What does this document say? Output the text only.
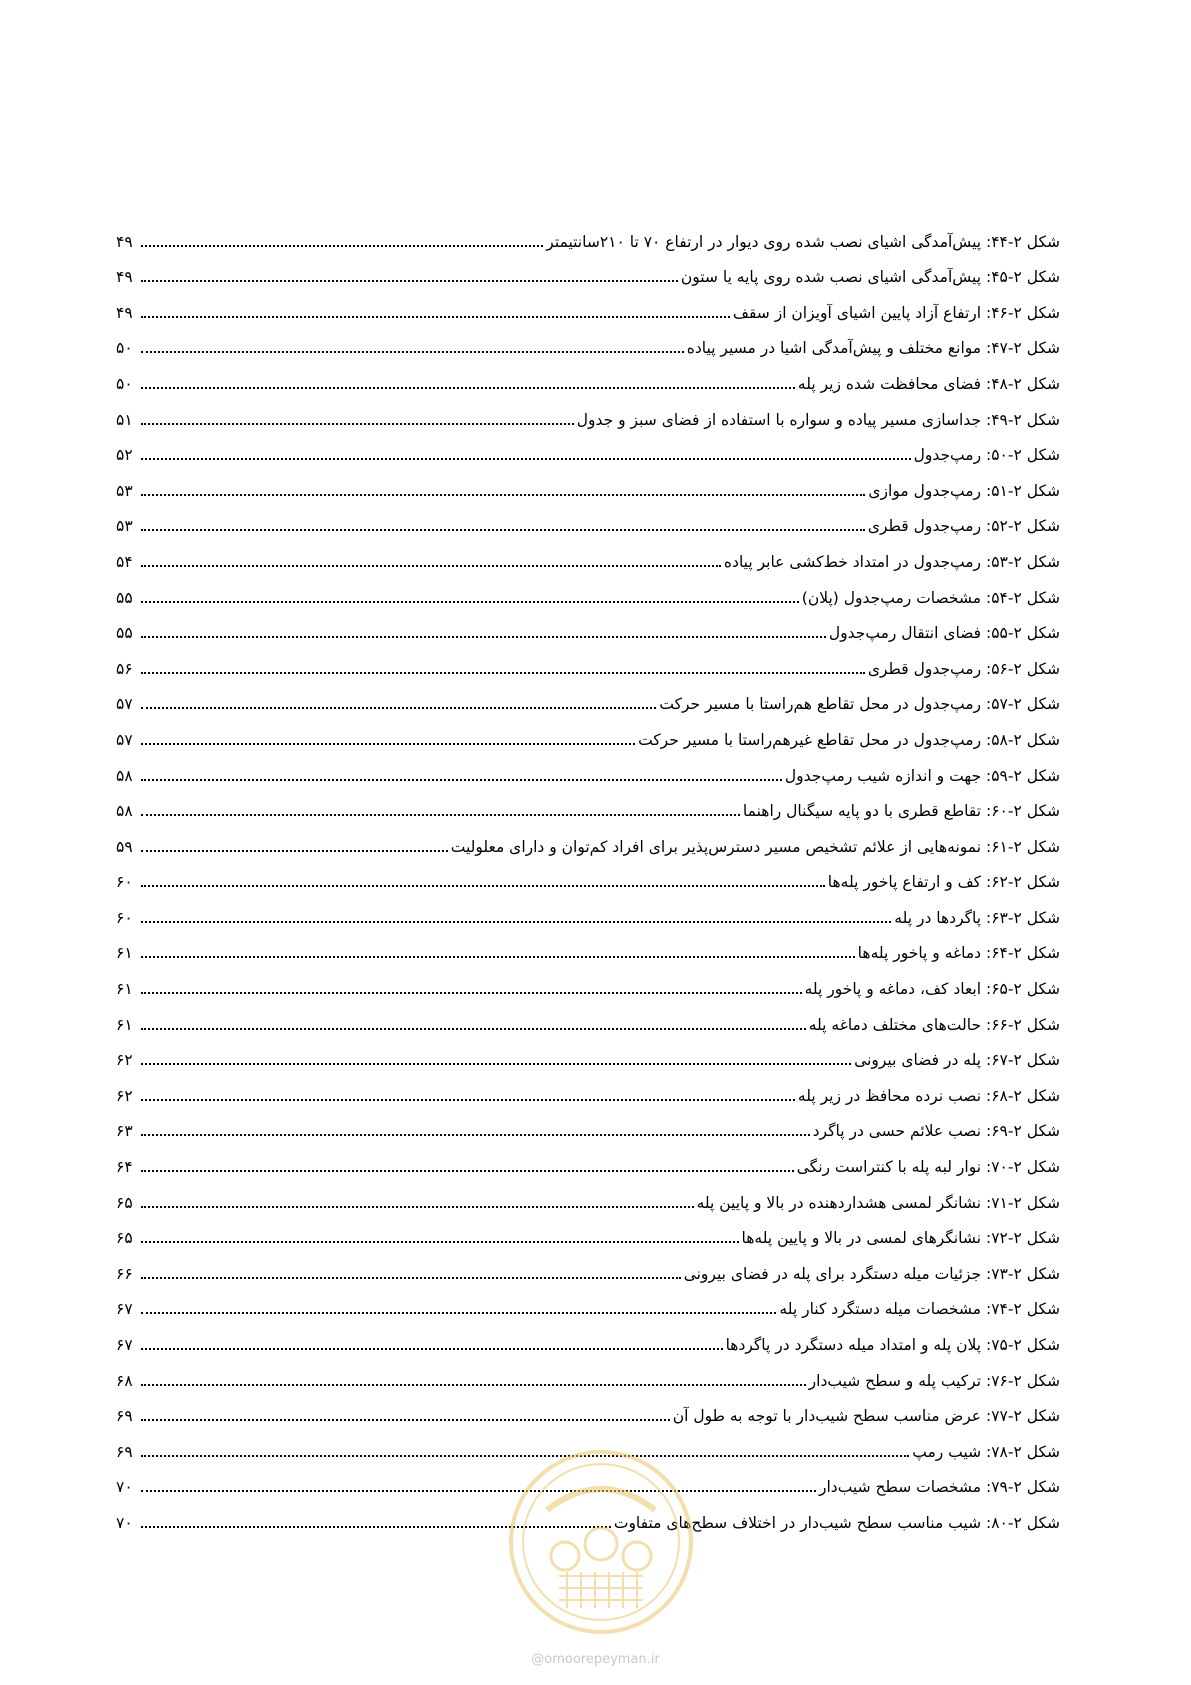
شکل ۲-۴۴: پیش‌آمدگی اشیای نصب شده روی دیوار در ارتفاع ۷۰ تا ۲۱۰سانتیمتر
۴۹
شکل ۲-۴۵: پیش‌آمدگی اشیای نصب شده روی پایه یا ستون
۴۹
شکل ۲-۴۶: ارتفاع آزاد پایین اشیای آویزان از سقف
۴۹
شکل ۲-۴۷: موانع مختلف و پیش‌آمدگی اشیا در مسیر پیاده
۵۰
شکل ۲-۴۸: فضای محافظت شده زیر پله
۵۰
شکل ۲-۴۹: جداسازی مسیر پیاده و سواره با استفاده از فضای سبز و جدول
۵۱
شکل ۲-۵۰: رمپ‌جدول
۵۲
شکل ۲-۵۱: رمپ‌جدول موازی
۵۳
شکل ۲-۵۲: رمپ‌جدول قطری
۵۳
شکل ۲-۵۳: رمپ‌جدول در امتداد خط‌کشی عابر پیاده
۵۴
شکل ۲-۵۴: مشخصات رمپ‌جدول (پلان)
۵۵
شکل ۲-۵۵: فضای انتقال رمپ‌جدول
۵۵
شکل ۲-۵۶: رمپ‌جدول قطری
۵۶
شکل ۲-۵۷: رمپ‌جدول در محل تقاطع هم‌راستا با مسیر حرکت
۵۷
شکل ۲-۵۸: رمپ‌جدول در محل تقاطع غیرهم‌راستا با مسیر حرکت
۵۷
شکل ۲-۵۹: جهت و اندازه شیب رمپ‌جدول
۵۸
شکل ۲-۶۰: تقاطع قطری با دو پایه سیگنال راهنما
۵۸
شکل ۲-۶۱: نمونه‌هایی از علائم تشخیص مسیر دسترس‌پذیر برای افراد کم‌توان و دارای معلولیت
۵۹
شکل ۲-۶۲: کف و ارتفاع پاخور پله‌ها
۶۰
شکل ۲-۶۳: پاگردها در پله
۶۰
شکل ۲-۶۴: دماغه و پاخور پله‌ها
۶۱
شکل ۲-۶۵: ابعاد کف، دماغه و پاخور پله
۶۱
شکل ۲-۶۶: حالت‌های مختلف دماغه پله
۶۱
شکل ۲-۶۷: پله در فضای بیرونی
۶۲
شکل ۲-۶۸: نصب نرده محافظ در زیر پله
۶۲
شکل ۲-۶۹: نصب علائم حسی در پاگرد
۶۳
شکل ۲-۷۰: نوار لبه پله با کنتراست رنگی
۶۴
شکل ۲-۷۱: نشانگر لمسی هشداردهنده در بالا و پایین پله
۶۵
شکل ۲-۷۲: نشانگرهای لمسی در بالا و پایین پله‌ها
۶۵
شکل ۲-۷۳: جزئیات میله دستگرد برای پله در فضای بیرونی
۶۶
شکل ۲-۷۴: مشخصات میله دستگرد کنار پله
۶۷
شکل ۲-۷۵: پلان پله و امتداد میله دستگرد در پاگردها
۶۷
شکل ۲-۷۶: ترکیب پله و سطح شیب‌دار
۶۸
شکل ۲-۷۷: عرض مناسب سطح شیب‌دار با توجه به طول آن
۶۹
شکل ۲-۷۸: شیب رمپ
۶۹
شکل ۲-۷۹: مشخصات سطح شیب‌دار
۷۰
شکل ۲-۸۰: شیب مناسب سطح شیب‌دار در اختلاف سطح‌های متفاوت
۷۰
@omoorepeyman.ir
